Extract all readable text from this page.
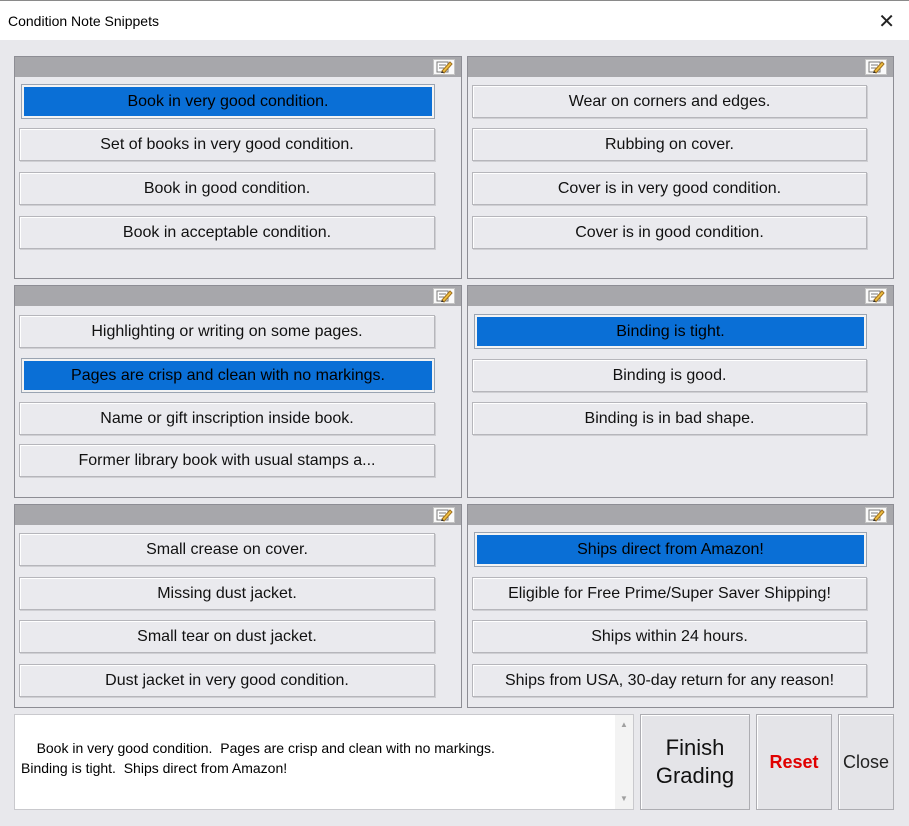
Condition Note Snippets	✕
Book in very good condition.
Set of books in very good condition.
Book in good condition.
Book in acceptable condition.
Wear on corners and edges.
Rubbing on cover.
Cover is in very good condition.
Cover is in good condition.
Highlighting or writing on some pages.
Pages are crisp and clean with no markings.
Name or gift inscription inside book.
Former library book with usual stamps a...
Binding is tight.
Binding is good.
Binding is in bad shape.
Small crease on cover.
Missing dust jacket.
Small tear on dust jacket.
Dust jacket in very good condition.
Ships direct from Amazon!
Eligible for Free Prime/Super Saver Shipping!
Ships within 24 hours.
Ships from USA, 30-day return for any reason!

Book in very good condition.  Pages are crisp and clean with no markings.
Binding is tight.  Ships direct from Amazon!

▲

▼

Finish
Grading
Reset Close
